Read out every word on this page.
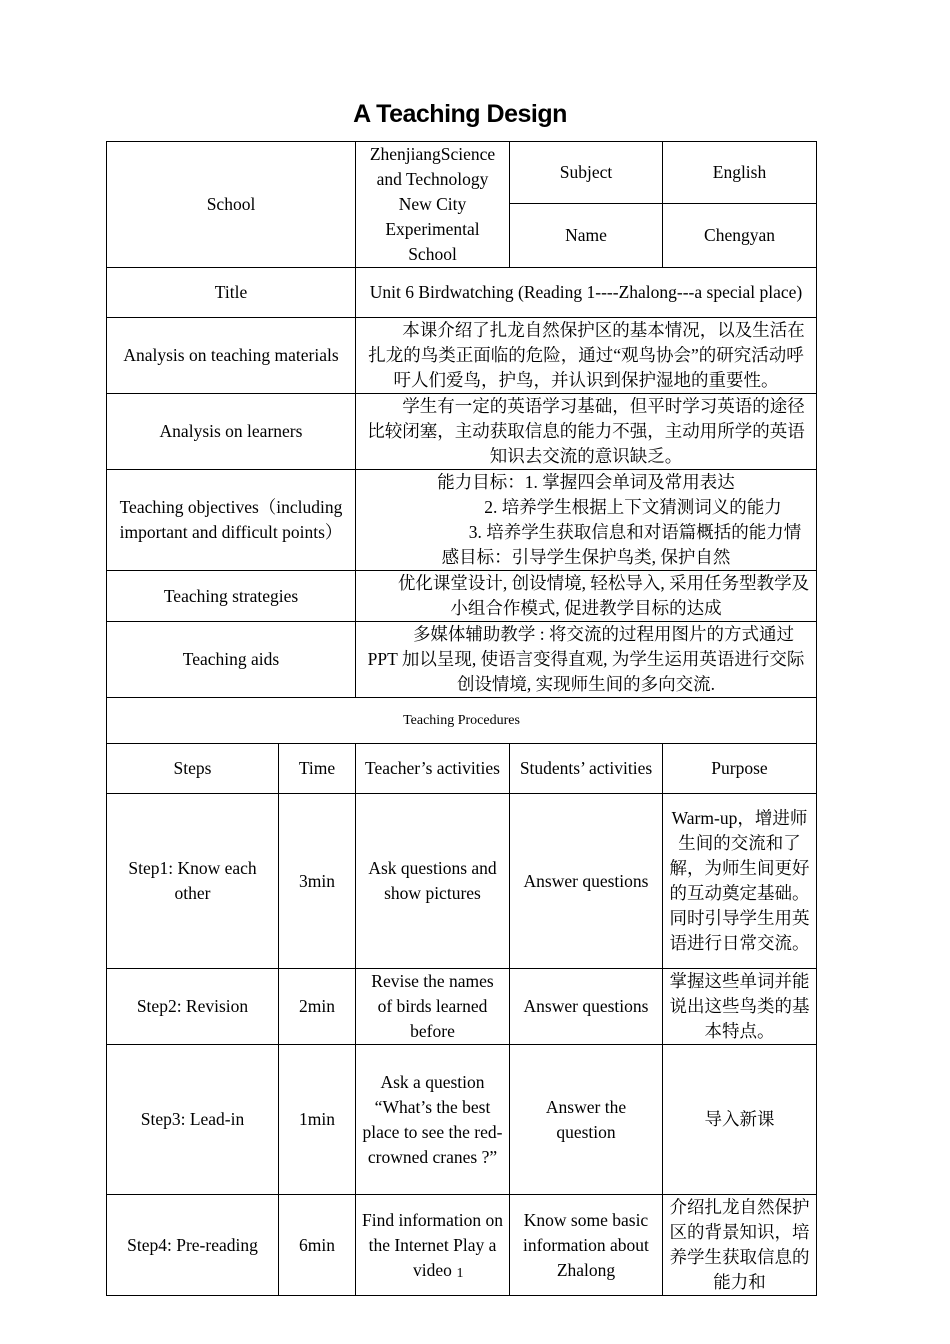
A Teaching Design
School		ZhenjiangScience and Technology New City Experimental School	Subject	English
			Name	Chengyan
Title		Unit 6 Birdwatching (Reading 1----Zhalong---a special place)		
Analysis on teaching materials		本课介绍了扎龙自然保护区的基本情况，以及生活在扎龙的鸟类正面临的危险，通过“观鸟协会”的研究活动呼吁人们爱鸟，护鸟，并认识到保护湿地的重要性。		
Analysis on learners		学生有一定的英语学习基础，但平时学习英语的途径比较闭塞，主动获取信息的能力不强，主动用所学的英语知识去交流的意识缺乏。		
Teaching objectives（including important and difficult points）		能力目标：1. 掌握四会单词及常用表达
2. 培养学生根据上下文猜测词义的能力
3. 培养学生获取信息和对语篇概括的能力情
感目标：引导学生保护鸟类, 保护自然		

Teaching strategies		优化课堂设计, 创设情境, 轻松导入, 采用任务型教学及小组合作模式, 促进教学目标的达成		
Teaching aids		多媒体辅助教学 : 将交流的过程用图片的方式通过 PPT 加以呈现, 使语言变得直观, 为学生运用英语进行交际创设情境, 实现师生间的多向交流.		
Teaching Procedures				
Steps	Time	Teacher’s activities	Students’ activities	Purpose
Step1: Know each other	3min	Ask questions and show pictures	Answer questions	Warm-up，增进师生间的交流和了解，为师生间更好的互动奠定基础。同时引导学生用英语进行日常交流。
Step2: Revision	2min	Revise the names of birds learned before	Answer questions	掌握这些单词并能说出这些鸟类的基本特点。
Step3: Lead-in	1min	Ask a question “What’s the best place to see the red-crowned cranes ?”	Answer the question	导入新课
Step4: Pre-reading	6min	Find information on the Internet Play a video	Know some basic information about Zhalong	介绍扎龙自然保护区的背景知识，培养学生获取信息的能力和
1
